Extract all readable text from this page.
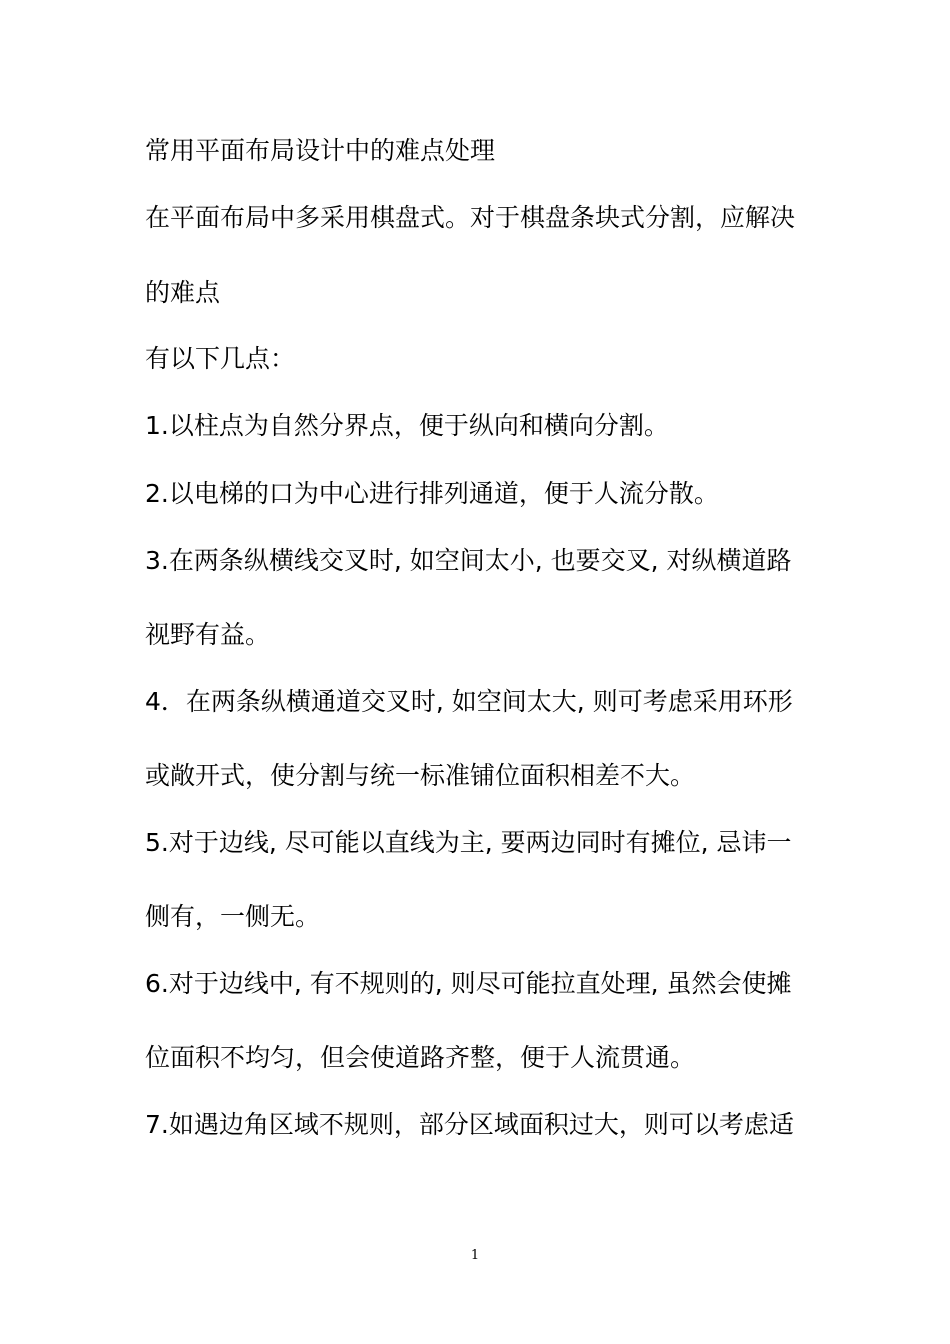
常用平面布局设计中的难点处理
在平面布局中多采用棋盘式。对于棋盘条块式分割，应解决
的难点
有以下几点：
1.以柱点为自然分界点，便于纵向和横向分割。
2.以电梯的口为中心进行排列通道，便于人流分散。
3.在两条纵横线交叉时, 如空间太小, 也要交叉, 对纵横道路
视野有益。
4．在两条纵横通道交叉时, 如空间太大, 则可考虑采用环形
或敞开式，使分割与统一标准铺位面积相差不大。
5.对于边线, 尽可能以直线为主, 要两边同时有摊位, 忌讳一
侧有，一侧无。
6.对于边线中, 有不规则的, 则尽可能拉直处理, 虽然会使摊
位面积不均匀，但会使道路齐整，便于人流贯通。
7.如遇边角区域不规则，部分区域面积过大，则可以考虑适
1
